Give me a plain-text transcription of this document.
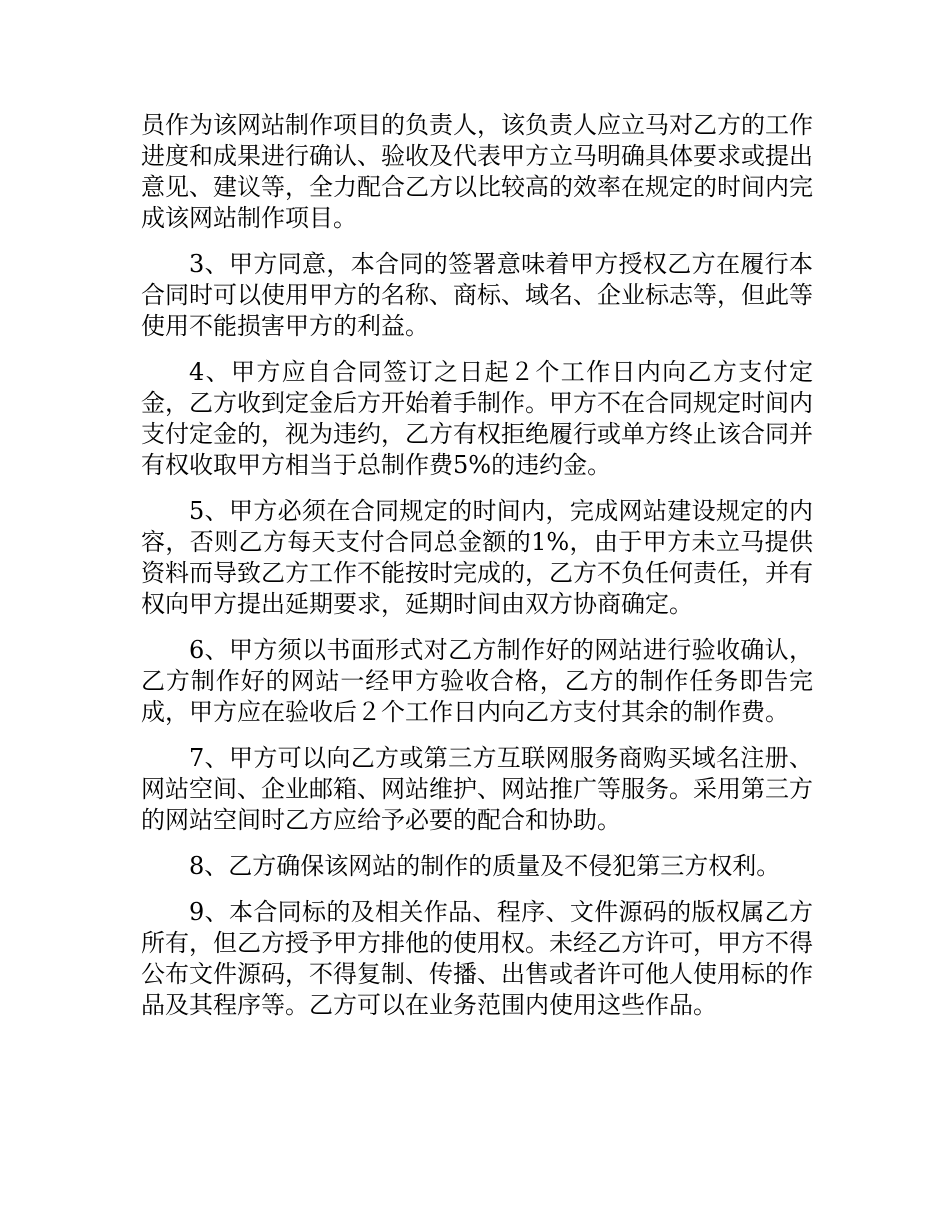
员作为该网站制作项目的负责人，该负责人应立马对乙方的工作进度和成果进行确认、验收及代表甲方立马明确具体要求或提出意见、建议等，全力配合乙方以比较高的效率在规定的时间内完成该网站制作项目。

3、甲方同意，本合同的签署意味着甲方授权乙方在履行本合同时可以使用甲方的名称、商标、域名、企业标志等，但此等使用不能损害甲方的利益。

4、甲方应自合同签订之日起２个工作日内向乙方支付定金，乙方收到定金后方开始着手制作。甲方不在合同规定时间内支付定金的，视为违约，乙方有权拒绝履行或单方终止该合同并有权收取甲方相当于总制作费5%的违约金。

5、甲方必须在合同规定的时间内，完成网站建设规定的内容，否则乙方每天支付合同总金额的1%，由于甲方未立马提供资料而导致乙方工作不能按时完成的，乙方不负任何责任，并有权向甲方提出延期要求，延期时间由双方协商确定。

6、甲方须以书面形式对乙方制作好的网站进行验收确认，乙方制作好的网站一经甲方验收合格，乙方的制作任务即告完成，甲方应在验收后２个工作日内向乙方支付其余的制作费。

7、甲方可以向乙方或第三方互联网服务商购买域名注册、网站空间、企业邮箱、网站维护、网站推广等服务。采用第三方的网站空间时乙方应给予必要的配合和协助。

8、乙方确保该网站的制作的质量及不侵犯第三方权利。

9、本合同标的及相关作品、程序、文件源码的版权属乙方所有，但乙方授予甲方排他的使用权。未经乙方许可，甲方不得公布文件源码，不得复制、传播、出售或者许可他人使用标的作品及其程序等。乙方可以在业务范围内使用这些作品。
